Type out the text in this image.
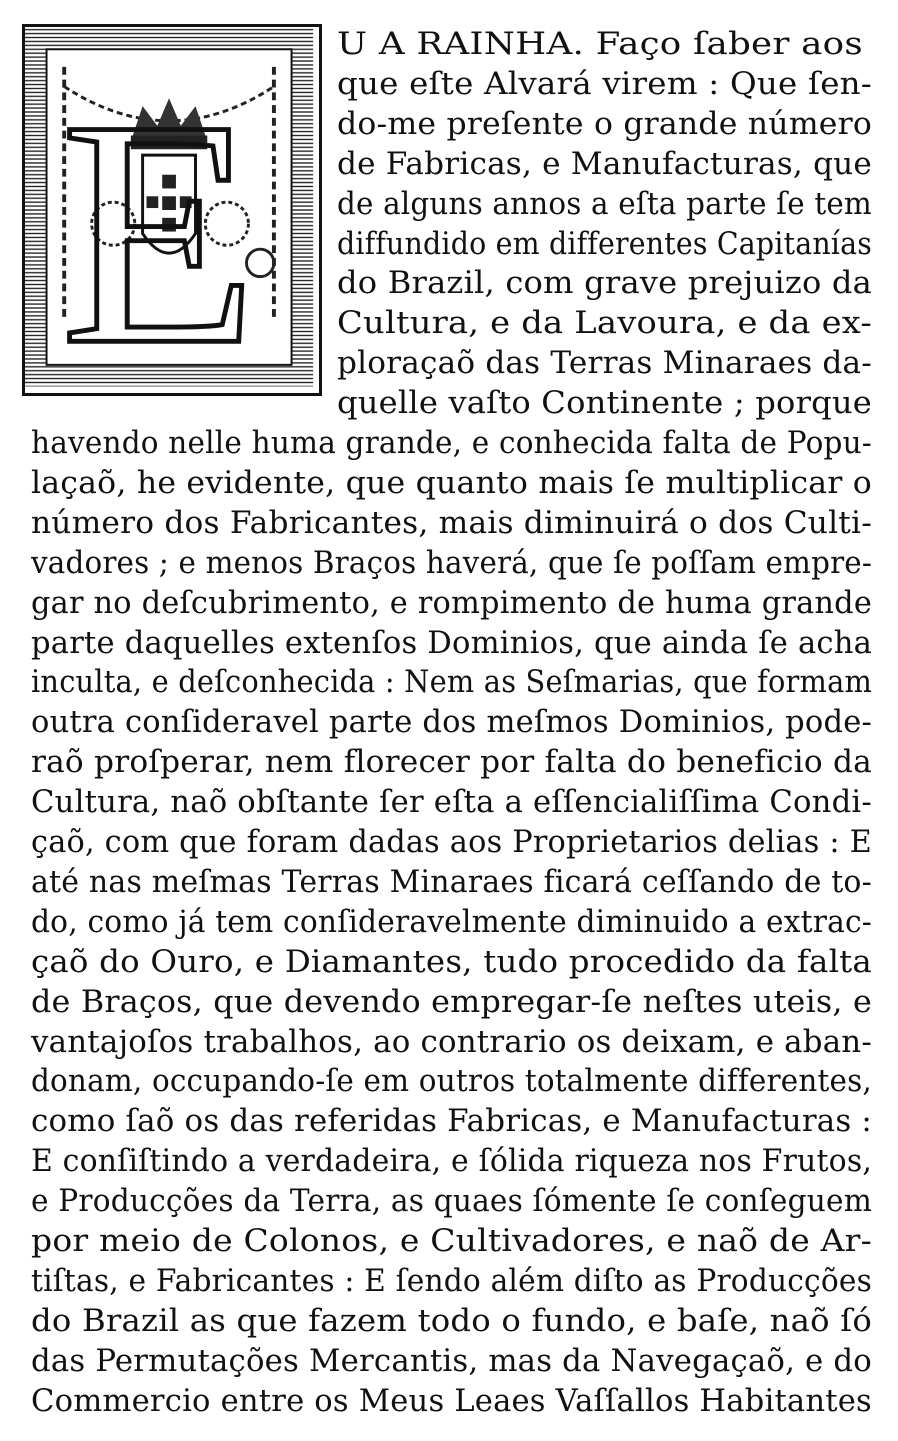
E
U A RAINHA. Faço ſaber aos
que eſte Alvará virem : Que ſen-
do-me preſente o grande número
de Fabricas, e Manufacturas, que
de alguns annos a eſta parte ſe tem
diffundido em differentes Capitanías
do Brazil, com grave prejuizo da
Cultura, e da Lavoura, e da ex-
ploraçaõ das Terras Minaraes da-
quelle vaſto Continente ; porque
havendo nelle huma grande, e conhecida falta de Popu-
laçaõ, he evidente, que quanto mais ſe multiplicar o
número dos Fabricantes, mais diminuirá o dos Culti-
vadores ; e menos Braços haverá, que ſe poſſam empre-
gar no deſcubrimento, e rompimento de huma grande
parte daquelles extenſos Dominios, que ainda ſe acha
inculta, e deſconhecida : Nem as Seſmarias, que formam
outra conſideravel parte dos meſmos Dominios, pode-
raõ proſperar, nem florecer por falta do beneficio da
Cultura, naõ obſtante ſer eſta a eſſencialiſſima Condi-
çaõ, com que foram dadas aos Proprietarios delias : E
até nas meſmas Terras Minaraes ficará ceſſando de to-
do, como já tem conſideravelmente diminuido a extrac-
çaõ do Ouro, e Diamantes, tudo procedido da falta
de Braços, que devendo empregar-ſe neſtes uteis, e
vantajoſos trabalhos, ao contrario os deixam, e aban-
donam, occupando-ſe em outros totalmente differentes,
como ſaõ os das referidas Fabricas, e Manufacturas :
E conſiſtindo a verdadeira, e ſólida riqueza nos Frutos,
e Producções da Terra, as quaes ſómente ſe conſeguem
por meio de Colonos, e Cultivadores, e naõ de Ar-
tiſtas, e Fabricantes : E ſendo além diſto as Producções
do Brazil as que fazem todo o fundo, e baſe, naõ ſó
das Permutações Mercantis, mas da Navegaçaõ, e do
Commercio entre os Meus Leaes Vaſſallos Habitantes
